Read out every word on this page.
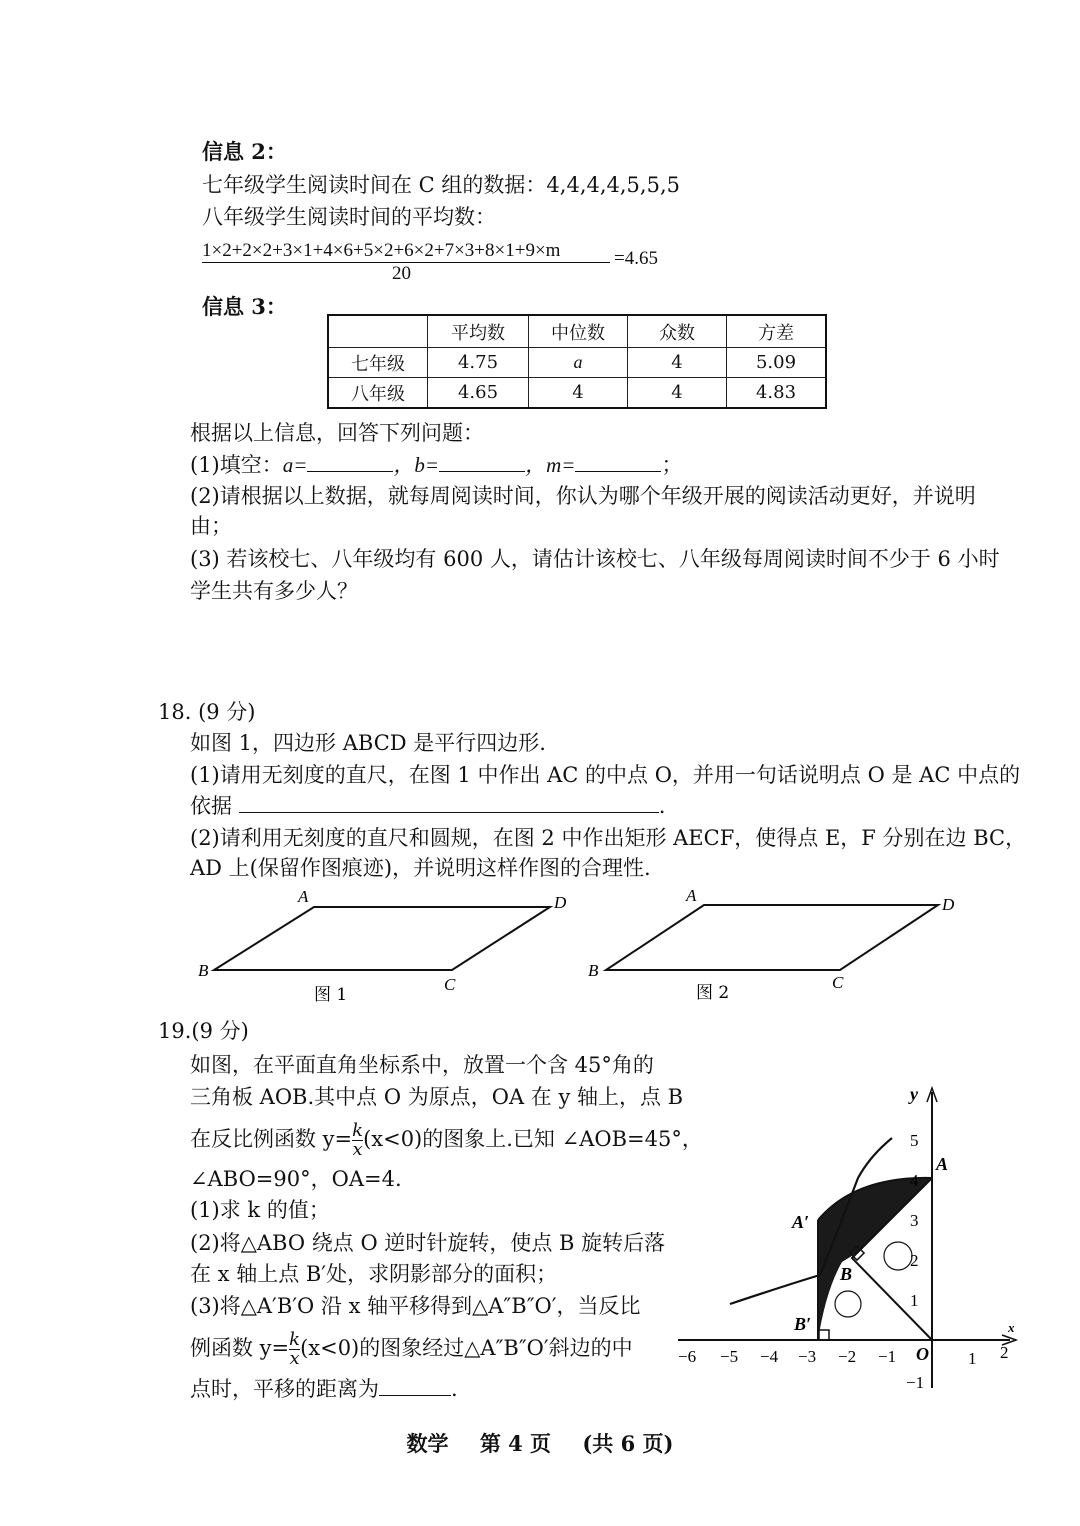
信息 2：
七年级学生阅读时间在 C 组的数据：4,4,4,4,5,5,5
八年级学生阅读时间的平均数：
1×2+2×2+3×1+4×6+5×2+6×2+7×3+8×1+9×m
20
=4.65
信息 3：
	平均数	中位数	众数	方差
七年级	4.75	a	4	5.09
八年级	4.65	4	4	4.83
根据以上信息，回答下列问题：
(1)填空：a=	，b=	，m=	；
(2)请根据以上数据，就每周阅读时间，你认为哪个年级开展的阅读活动更好，并说明
由；
(3) 若该校七、八年级均有 600 人，请估计该校七、八年级每周阅读时间不少于 6 小时
学生共有多少人？
18. (9 分)
如图 1，四边形 ABCD 是平行四边形.
(1)请用无刻度的直尺，在图 1 中作出 AC 的中点 O，并用一句话说明点 O 是 AC 中点的
依据	.
(2)请利用无刻度的直尺和圆规，在图 2 中作出矩形 AECF，使得点 E，F 分别在边 BC，
AD 上(保留作图痕迹)，并说明这样作图的合理性.
A	D
B
C
图 1
A	D
B
C
图 2
19.(9 分)
如图，在平面直角坐标系中，放置一个含 45°角的
三角板 AOB.其中点 O 为原点，OA 在 y 轴上，点 B
在反比例函数 $y= \frac{k}{x} (x<0)$的图象上.已知 ∠AOB=45°，
∠ABO=90°，OA=4.
(1)求 k 的值；
(2)将△ABO 绕点 O 逆时针旋转，使点 B 旋转后落
在 x 轴上点 B′处，求阴影部分的面积；
(3)将△A′B′O 沿 x 轴平移得到△A″B″O′，当反比
例函数 $y= \frac{k}{x} (x<0)$的图象经过△A″B″O′斜边的中
点时，平移的距离为	.
−6 −5 −4 −3 −2 −1	1 2
5
4
3
2
1
−1
y
x
O
A
A′
B
B′
数学 第 4 页 (共 6 页)
